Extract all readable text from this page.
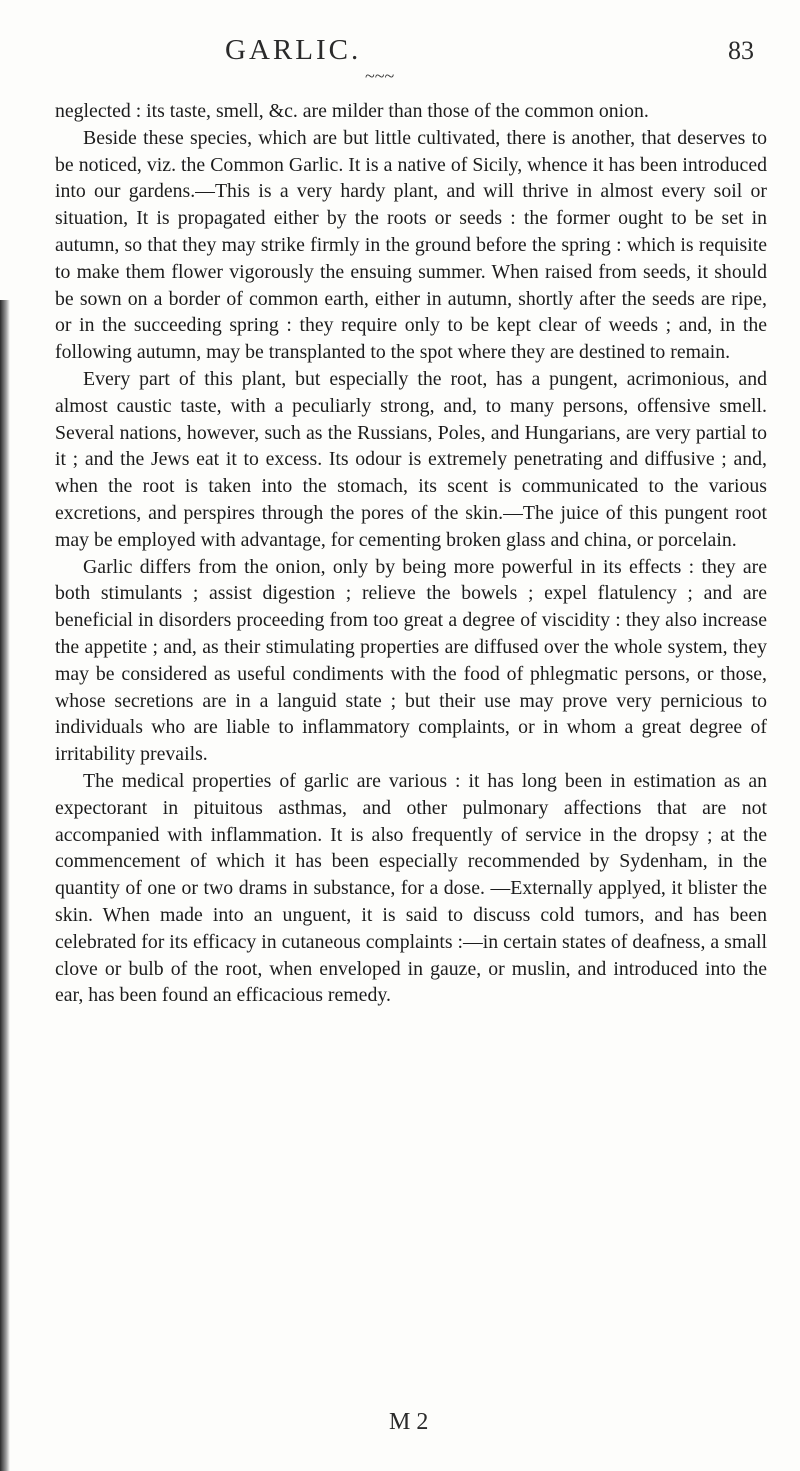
GARLIC.	83
~~~

neglected : its taste, smell, &c. are milder than those of the common onion.

Beside these species, which are but little cultivated, there is another, that deserves to be noticed, viz. the Common Garlic. It is a native of Sicily, whence it has been introduced into our gardens.—This is a very hardy plant, and will thrive in almost every soil or situation, It is propagated either by the roots or seeds : the former ought to be set in autumn, so that they may strike firmly in the ground before the spring : which is requisite to make them flower vigorously the ensuing summer. When raised from seeds, it should be sown on a border of common earth, either in autumn, shortly after the seeds are ripe, or in the succeeding spring : they require only to be kept clear of weeds ; and, in the following autumn, may be transplanted to the spot where they are destined to remain.

Every part of this plant, but especially the root, has a pungent, acrimonious, and almost caustic taste, with a peculiarly strong, and, to many persons, offensive smell. Several nations, however, such as the Russians, Poles, and Hungarians, are very partial to it ; and the Jews eat it to excess. Its odour is extremely penetrating and diffusive ; and, when the root is taken into the stomach, its scent is communicated to the various excretions, and perspires through the pores of the skin.—The juice of this pungent root may be employed with advantage, for cementing broken glass and china, or porcelain.

Garlic differs from the onion, only by being more powerful in its effects : they are both stimulants ; assist digestion ; relieve the bowels ; expel flatulency ; and are beneficial in disorders proceeding from too great a degree of viscidity : they also increase the appetite ; and, as their stimulating properties are diffused over the whole system, they may be considered as useful condiments with the food of phlegmatic persons, or those, whose secretions are in a languid state ; but their use may prove very pernicious to individuals who are liable to inflammatory complaints, or in whom a great degree of irritability prevails.

The medical properties of garlic are various : it has long been in estimation as an expectorant in pituitous asthmas, and other pulmonary affections that are not accompanied with inflammation. It is also frequently of service in the dropsy ; at the commencement of which it has been especially recommended by Sydenham, in the quantity of one or two drams in substance, for a dose. —Externally applyed, it blister the skin. When made into an unguent, it is said to discuss cold tumors, and has been celebrated for its efficacy in cutaneous complaints :—in certain states of deafness, a small clove or bulb of the root, when enveloped in gauze, or muslin, and introduced into the ear, has been found an efficacious remedy.

M 2
